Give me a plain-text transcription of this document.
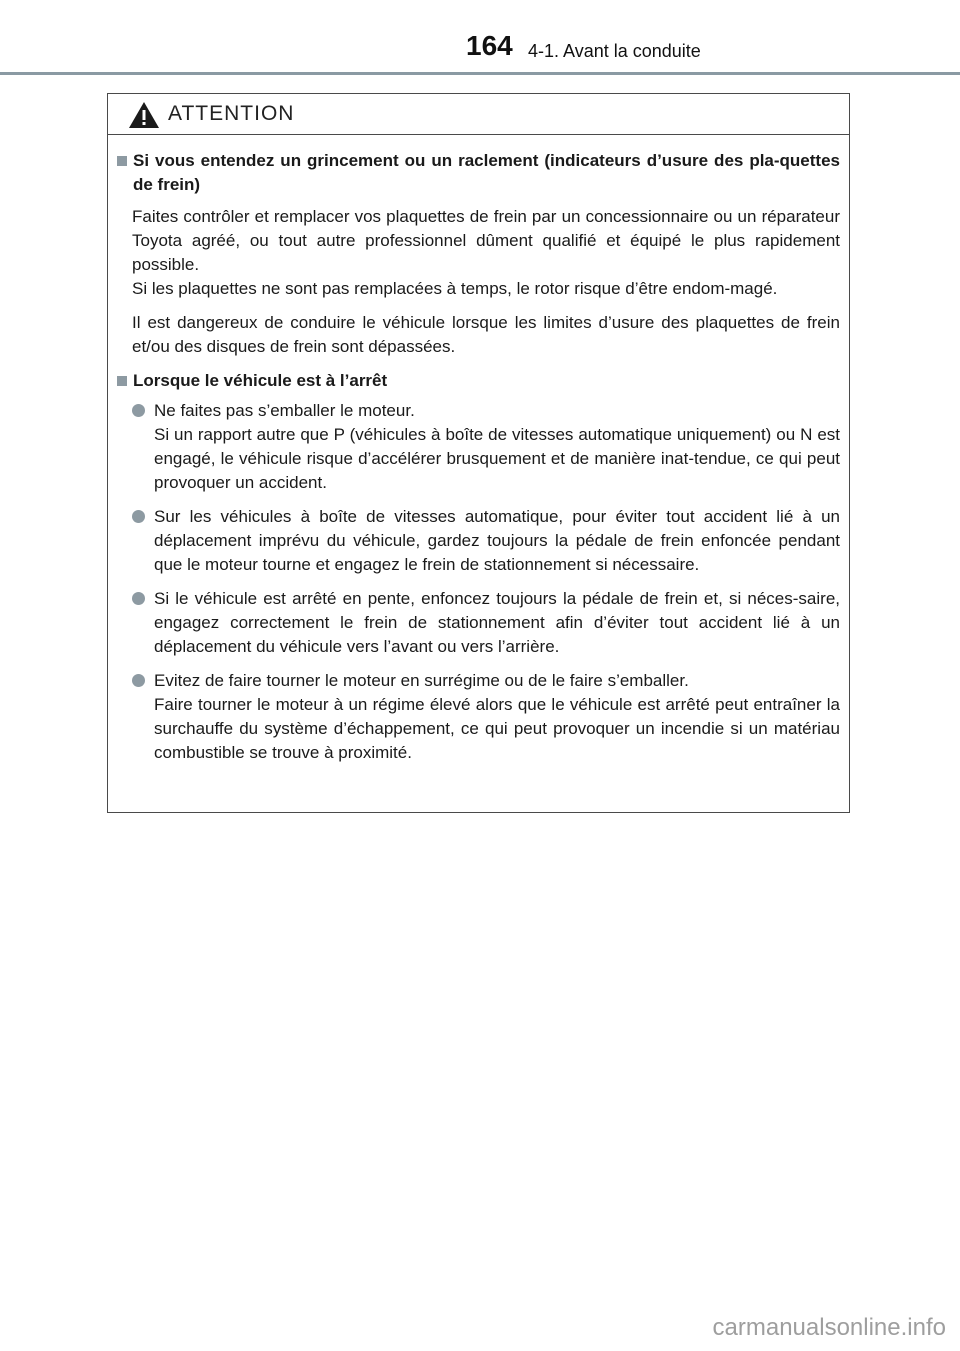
164 4-1. Avant la conduite
ATTENTION
Si vous entendez un grincement ou un raclement (indicateurs d’usure des pla-quettes de frein)
Faites contrôler et remplacer vos plaquettes de frein par un concessionnaire ou un réparateur Toyota agréé, ou tout autre professionnel dûment qualifié et équipé le plus rapidement possible.
Si les plaquettes ne sont pas remplacées à temps, le rotor risque d’être endom-magé.
Il est dangereux de conduire le véhicule lorsque les limites d’usure des plaquettes de frein et/ou des disques de frein sont dépassées.
Lorsque le véhicule est à l’arrêt
Ne faites pas s’emballer le moteur.
Si un rapport autre que P (véhicules à boîte de vitesses automatique uniquement) ou N est engagé, le véhicule risque d’accélérer brusquement et de manière inat-tendue, ce qui peut provoquer un accident.
Sur les véhicules à boîte de vitesses automatique, pour éviter tout accident lié à un déplacement imprévu du véhicule, gardez toujours la pédale de frein enfoncée pendant que le moteur tourne et engagez le frein de stationnement si nécessaire.
Si le véhicule est arrêté en pente, enfoncez toujours la pédale de frein et, si néces-saire, engagez correctement le frein de stationnement afin d’éviter tout accident lié à un déplacement du véhicule vers l’avant ou vers l’arrière.
Evitez de faire tourner le moteur en surrégime ou de le faire s’emballer.
Faire tourner le moteur à un régime élevé alors que le véhicule est arrêté peut entraîner la surchauffe du système d’échappement, ce qui peut provoquer un incendie si un matériau combustible se trouve à proximité.
carmanualsonline.info
